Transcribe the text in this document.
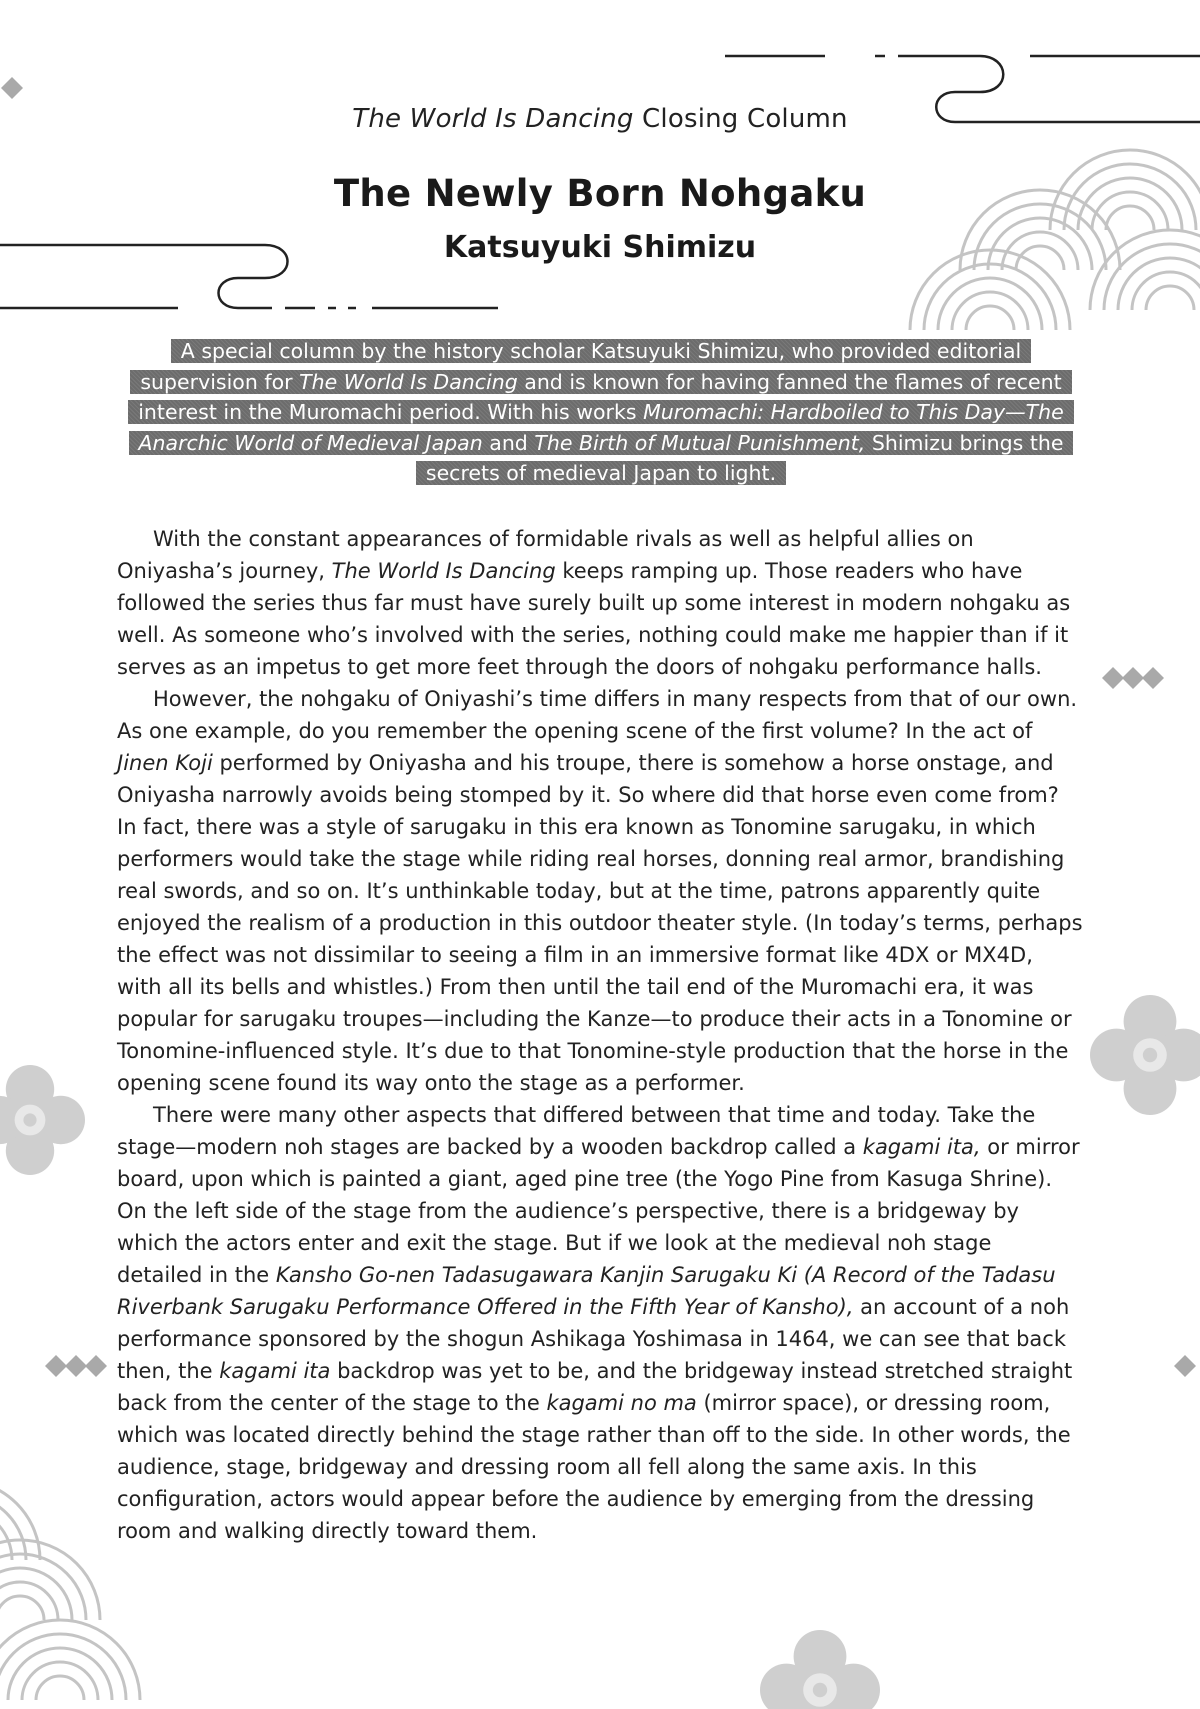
The World Is Dancing Closing Column
The Newly Born Nohgaku
Katsuyuki Shimizu

A special column by the history scholar Katsuyuki Shimizu, who provided editorial supervision for The World Is Dancing and is known for having fanned the flames of recent interest in the Muromachi period. With his works Muromachi: Hardboiled to This Day—The Anarchic World of Medieval Japan and The Birth of Mutual Punishment, Shimizu brings the secrets of medieval Japan to light.

With the constant appearances of formidable rivals as well as helpful allies on Oniyasha’s journey, The World Is Dancing keeps ramping up. Those readers who have followed the series thus far must have surely built up some interest in modern nohgaku as well. As someone who’s involved with the series, nothing could make me happier than if it serves as an impetus to get more feet through the doors of nohgaku performance halls.

However, the nohgaku of Oniyashi’s time differs in many respects from that of our own. As one example, do you remember the opening scene of the first volume? In the act of Jinen Koji performed by Oniyasha and his troupe, there is somehow a horse onstage, and Oniyasha narrowly avoids being stomped by it. So where did that horse even come from? In fact, there was a style of sarugaku in this era known as Tonomine sarugaku, in which performers would take the stage while riding real horses, donning real armor, brandishing real swords, and so on. It’s unthinkable today, but at the time, patrons apparently quite enjoyed the realism of a production in this outdoor theater style. (In today’s terms, perhaps the effect was not dissimilar to seeing a film in an immersive format like 4DX or MX4D, with all its bells and whistles.) From then until the tail end of the Muromachi era, it was popular for sarugaku troupes—including the Kanze—to produce their acts in a Tonomine or Tonomine-influenced style. It’s due to that Tonomine-style production that the horse in the opening scene found its way onto the stage as a performer.

There were many other aspects that differed between that time and today. Take the stage—modern noh stages are backed by a wooden backdrop called a kagami ita, or mirror board, upon which is painted a giant, aged pine tree (the Yogo Pine from Kasuga Shrine). On the left side of the stage from the audience’s perspective, there is a bridgeway by which the actors enter and exit the stage. But if we look at the medieval noh stage detailed in the Kansho Go-nen Tadasugawara Kanjin Sarugaku Ki (A Record of the Tadasu Riverbank Sarugaku Performance Offered in the Fifth Year of Kansho), an account of a noh performance sponsored by the shogun Ashikaga Yoshimasa in 1464, we can see that back then, the kagami ita backdrop was yet to be, and the bridgeway instead stretched straight back from the center of the stage to the kagami no ma (mirror space), or dressing room, which was located directly behind the stage rather than off to the side. In other words, the audience, stage, bridgeway and dressing room all fell along the same axis. In this configuration, actors would appear before the audience by emerging from the dressing room and walking directly toward them.
